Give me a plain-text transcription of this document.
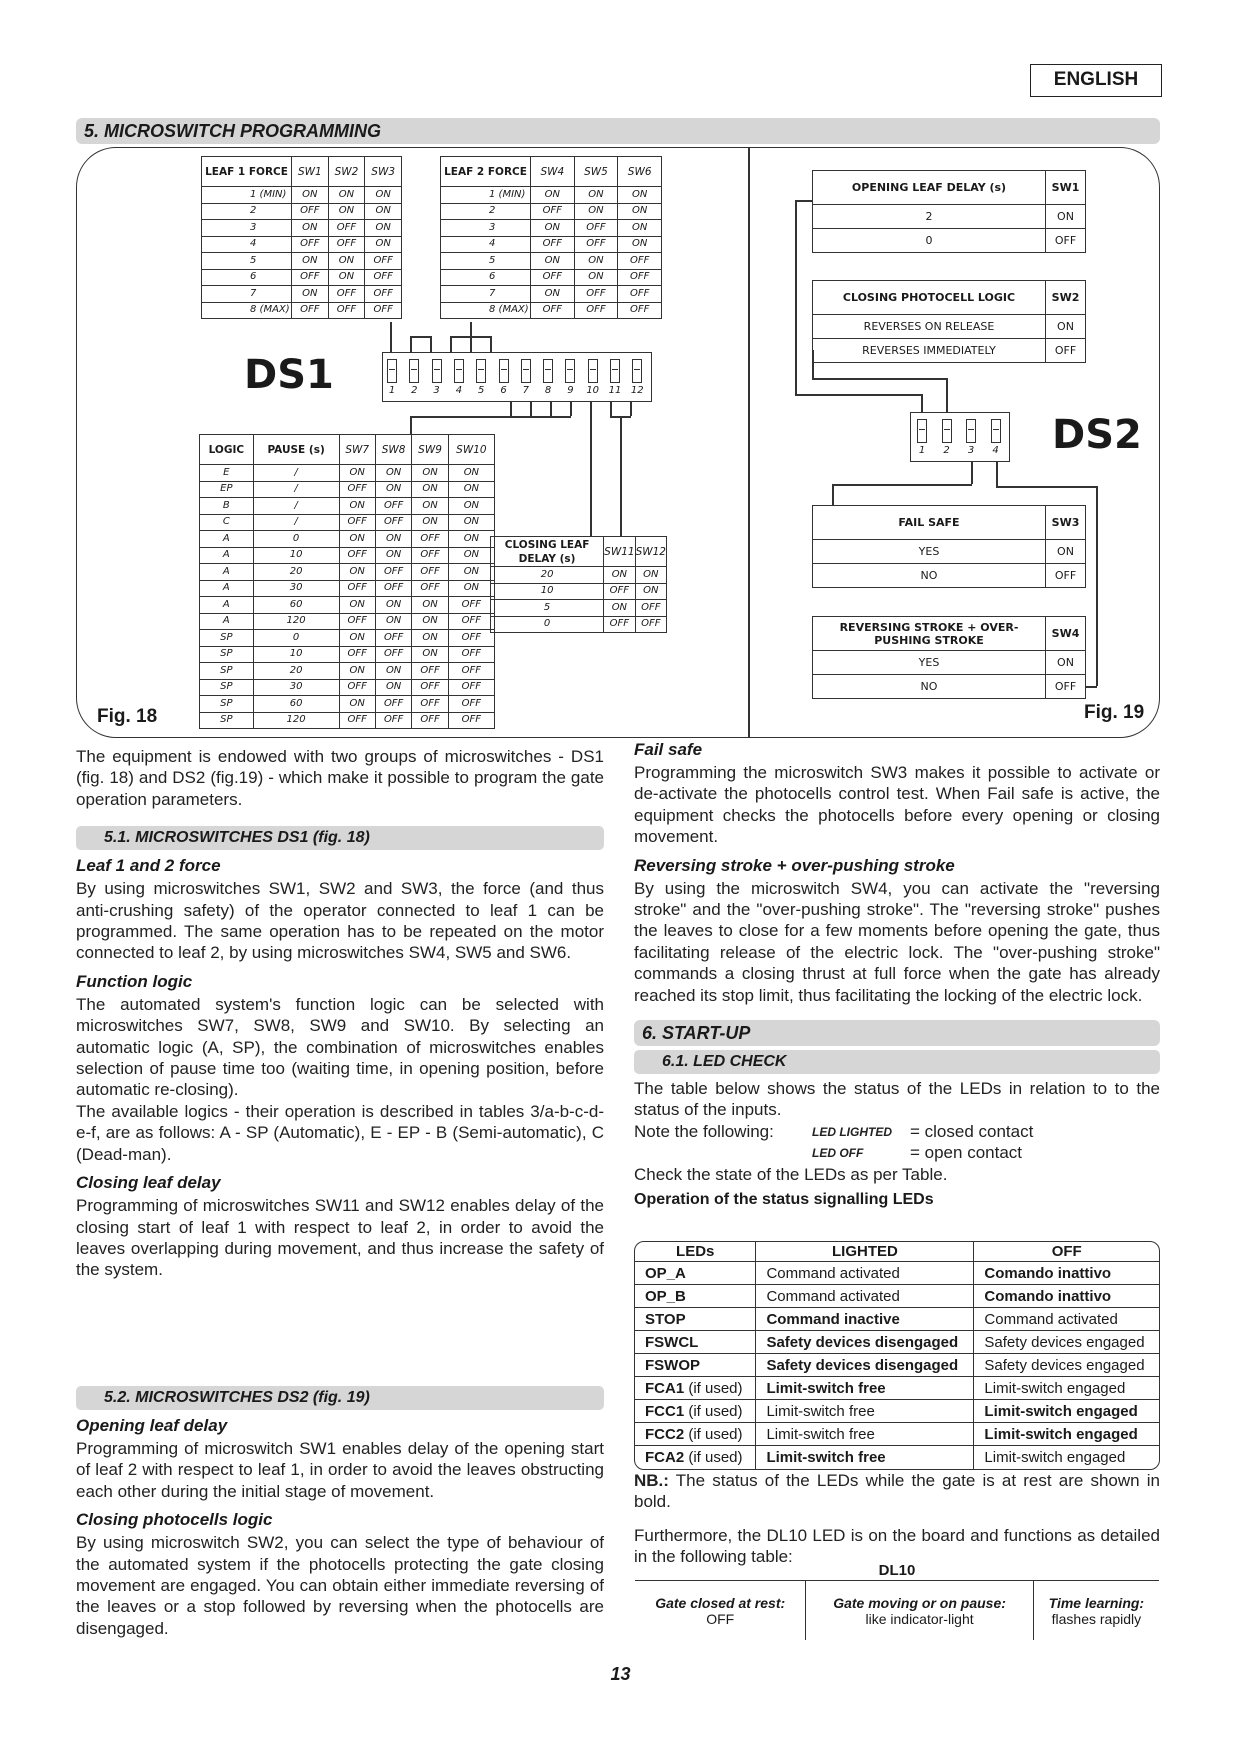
ENGLISH
5. MICROSWITCH PROGRAMMING
LEAF 1 FORCE	SW1	SW2	SW3
1 (MIN)	ON	ON	ON
2	OFF	ON	ON
3	ON	OFF	ON
4	OFF	OFF	ON
5	ON	ON	OFF
6	OFF	ON	OFF
7	ON	OFF	OFF
8 (MAX)	OFF	OFF	OFF
LEAF 2 FORCE	SW4	SW5	SW6
1 (MIN)	ON	ON	ON
2	OFF	ON	ON
3	ON	OFF	ON
4	OFF	OFF	ON
5	ON	ON	OFF
6	OFF	ON	OFF
7	ON	OFF	OFF
8 (MAX)	OFF	OFF	OFF
LOGIC	PAUSE (s)	SW7	SW8	SW9	SW10
E	/	ON	ON	ON	ON
EP	/	OFF	ON	ON	ON
B	/	ON	OFF	ON	ON
C	/	OFF	OFF	ON	ON
A	0	ON	ON	OFF	ON
A	10	OFF	ON	OFF	ON
A	20	ON	OFF	OFF	ON
A	30	OFF	OFF	OFF	ON
A	60	ON	ON	ON	OFF
A	120	OFF	ON	ON	OFF
SP	0	ON	OFF	ON	OFF
SP	10	OFF	OFF	ON	OFF
SP	20	ON	ON	OFF	OFF
SP	30	OFF	ON	OFF	OFF
SP	60	ON	OFF	OFF	OFF
SP	120	OFF	OFF	OFF	OFF
CLOSING LEAF DELAY (s)	SW11	SW12
20	ON	ON
10	OFF	ON
5	ON	OFF
0	OFF	OFF
DS1	1	2	3	4	5	6	7	8	9	10 11 12
Fig. 18
OPENING LEAF DELAY (s)	SW1
2	ON
0	OFF
CLOSING PHOTOCELL LOGIC	SW2
REVERSES ON RELEASE	ON
REVERSES IMMEDIATELY	OFF
FAIL SAFE	SW3
YES	ON
NO	OFF
REVERSING STROKE + OVER-PUSHING STROKE	SW4
YES	ON
NO	OFF
1	2	3	4 DS2
Fig. 19

The equipment is endowed with two groups of microswitches - DS1 (fig. 18) and DS2 (fig.19) - which make it possible to program the gate operation parameters.

5.1. MICROSWITCHES DS1 (fig. 18)
Leaf 1 and 2 force

By using microswitches SW1, SW2 and SW3, the force (and thus anti-crushing safety) of the operator connected to leaf 1 can be programmed. The same operation has to be repeated on the motor connected to leaf 2, by using microswitches SW4, SW5 and SW6.

Function logic

The automated system's function logic can be selected with microswitches SW7, SW8, SW9 and SW10. By selecting an automatic logic (A, SP), the combination of microswitches enables selection of pause time too (waiting time, in opening position, before automatic re-closing).

The available logics - their operation is described in tables 3/a-b-c-d-e-f, are as follows: A - SP (Automatic), E - EP - B (Semi-automatic), C (Dead-man).

Closing leaf delay

Programming of microswitches SW11 and SW12 enables delay of the closing start of leaf 1 with respect to leaf 2, in order to avoid the leaves overlapping during movement, and thus increase the safety of the system.

5.2. MICROSWITCHES DS2 (fig. 19)
Opening leaf delay

Programming of microswitch SW1 enables delay of the opening start of leaf 2 with respect to leaf 1, in order to avoid the leaves obstructing each other during the initial stage of movement.

Closing photocells logic

By using microswitch SW2, you can select the type of behaviour of the automated system if the photocells protecting the gate closing movement are engaged. You can obtain either immediate reversing of the leaves or a stop followed by reversing when the photocells are disengaged.

Fail safe

Programming the microswitch SW3 makes it possible to activate or de-activate the photocells control test. When Fail safe is active, the equipment checks the photocells before every opening or closing movement.

Reversing stroke + over-pushing stroke

By using the microswitch SW4, you can activate the "reversing stroke" and the "over-pushing stroke". The "reversing stroke" pushes the leaves to close for a few moments before opening the gate, thus facilitating release of the electric lock. The "over-pushing stroke" commands a closing thrust at full force when the gate has already reached its stop limit, thus facilitating the locking of the electric lock.

6. START-UP
6.1. LED CHECK

The table below shows the status of the LEDs in relation to to the status of the inputs.

Note the following:	LED LIGHTED = closed contact
LED OFF	= open contact

Check the state of the LEDs as per Table.

Operation of the status signalling LEDs
LEDs	LIGHTED	OFF
OP_A	Command activated	Comando inattivo
OP_B	Command activated	Comando inattivo
STOP	Command inactive	Command activated
FSWCL	Safety devices disengaged	Safety devices engaged
FSWOP	Safety devices disengaged	Safety devices engaged
FCA1 (if used)	Limit-switch free	Limit-switch engaged
FCC1 (if used)	Limit-switch free	Limit-switch engaged
FCC2 (if used)	Limit-switch free	Limit-switch engaged
FCA2 (if used)	Limit-switch free	Limit-switch engaged

NB.: The status of the LEDs while the gate is at rest are shown in bold.

Furthermore, the DL10 LED is on the board and functions as detailed in the following table:

DL10

Gate closed at rest:
OFF

Gate moving or on pause:
like indicator-light

Time learning:
flashes rapidly
13
